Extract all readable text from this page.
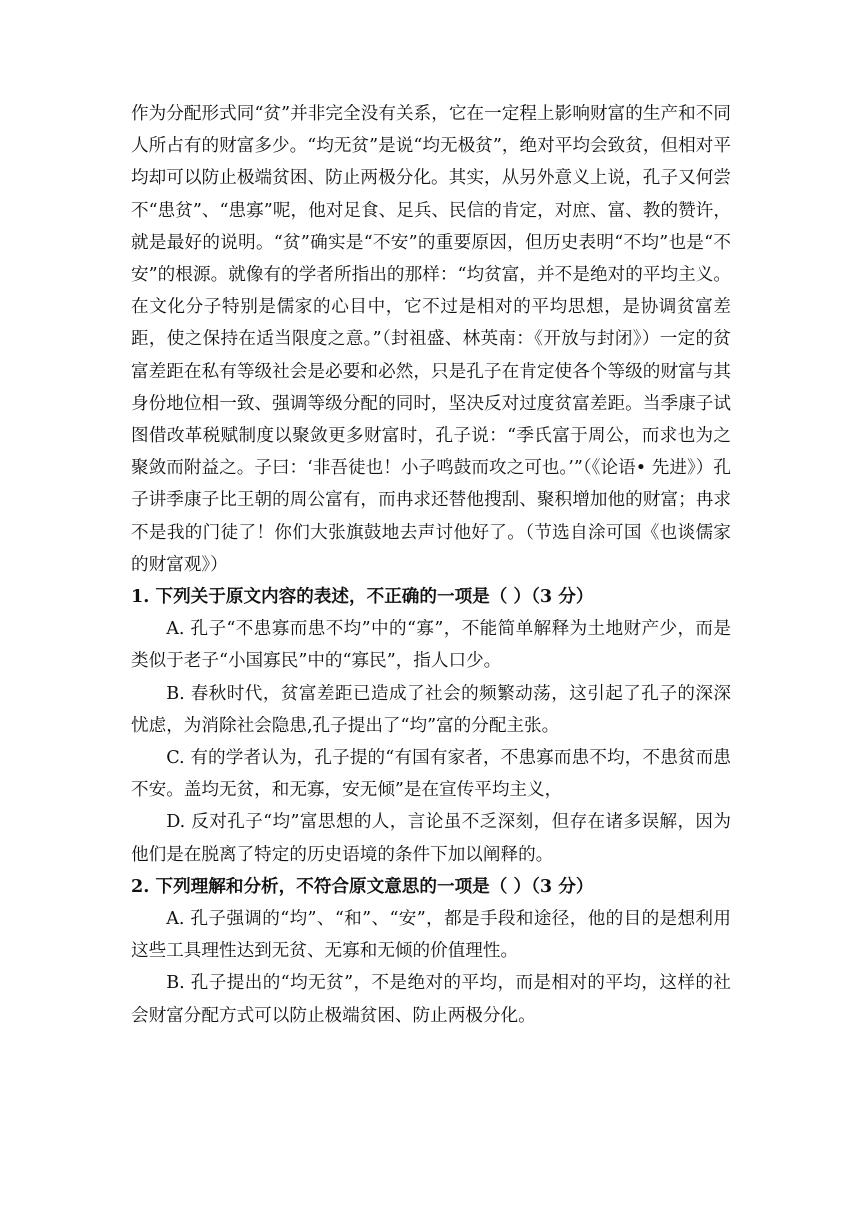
作为分配形式同“贫”并非完全没有关系，它在一定程上影响财富的生产和不同人所占有的财富多少。“均无贫”是说“均无极贫”，绝对平均会致贫，但相对平均却可以防止极端贫困、防止两极分化。其实，从另外意义上说，孔子又何尝不“患贫”、“患寡”呢，他对足食、足兵、民信的肯定，对庶、富、教的赞许，就是最好的说明。“贫”确实是“不安”的重要原因，但历史表明“不均”也是“不安”的根源。就像有的学者所指出的那样：“均贫富，并不是绝对的平均主义。在文化分子特别是儒家的心目中，它不过是相对的平均思想，是协调贫富差距，使之保持在适当限度之意。”（封祖盛、林英南：《开放与封闭》）一定的贫富差距在私有等级社会是必要和必然，只是孔子在肯定使各个等级的财富与其身份地位相一致、强调等级分配的同时，坚决反对过度贫富差距。当季康子试图借改革税赋制度以聚敛更多财富时，孔子说：“季氏富于周公，而求也为之聚敛而附益之。子曰：‘非吾徒也！小子鸣鼓而攻之可也。’”（《论语• 先进》）孔子讲季康子比王朝的周公富有，而冉求还替他搜刮、聚积增加他的财富；冉求不是我的门徒了！你们大张旗鼓地去声讨他好了。（节选自涂可国《也谈儒家的财富观》）

1. 下列关于原文内容的表述，不正确的一项是（ ）（3 分）

A. 孔子“不患寡而患不均”中的“寡”，不能简单解释为土地财产少，而是类似于老子“小国寡民”中的“寡民”，指人口少。

B. 春秋时代，贫富差距已造成了社会的频繁动荡，这引起了孔子的深深忧虑，为消除社会隐患,孔子提出了“均”富的分配主张。

C. 有的学者认为，孔子提的“有国有家者，不患寡而患不均，不患贫而患不安。盖均无贫，和无寡，安无倾”是在宣传平均主义，

D. 反对孔子“均”富思想的人，言论虽不乏深刻，但存在诸多误解，因为他们是在脱离了特定的历史语境的条件下加以阐释的。

2. 下列理解和分析，不符合原文意思的一项是（ ）（3 分）

A. 孔子强调的“均”、“和”、“安”，都是手段和途径，他的目的是想利用这些工具理性达到无贫、无寡和无倾的价值理性。

B. 孔子提出的“均无贫”，不是绝对的平均，而是相对的平均，这样的社会财富分配方式可以防止极端贫困、防止两极分化。
